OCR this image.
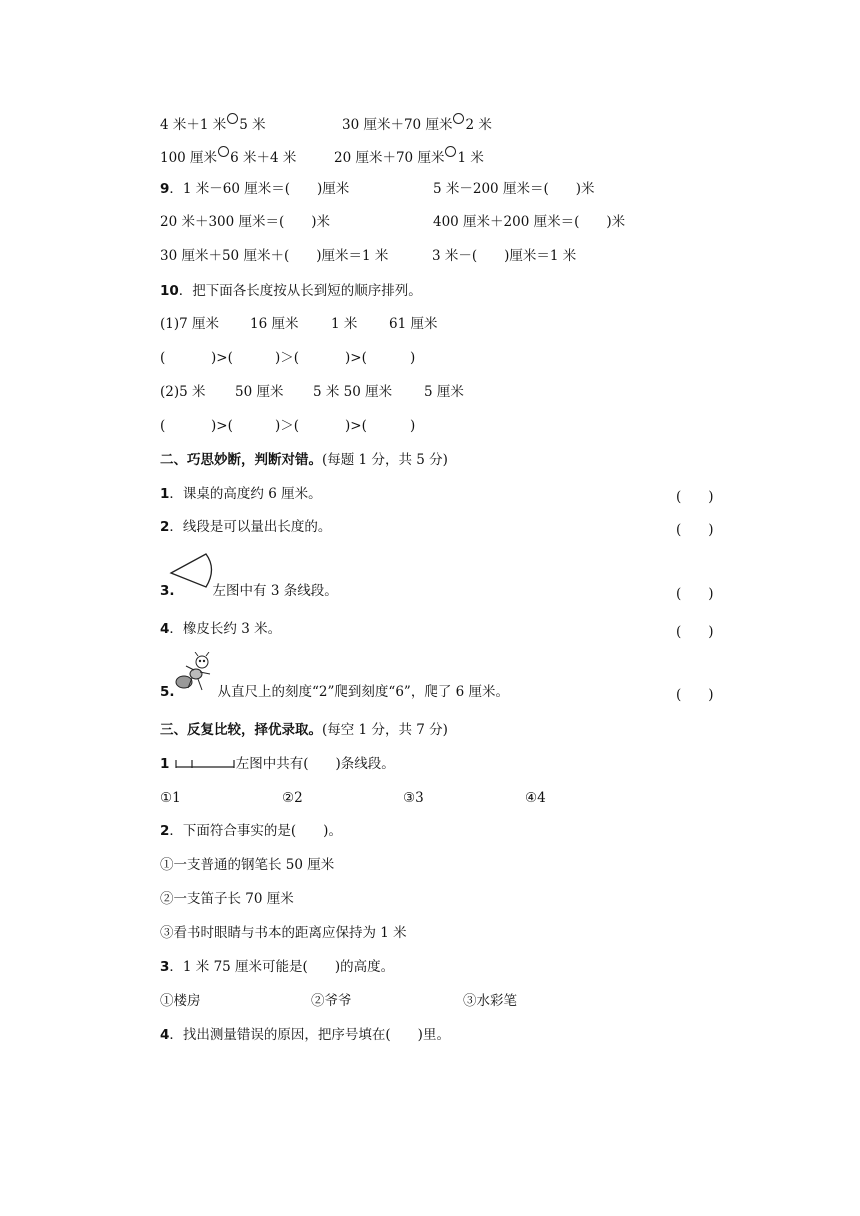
4 米＋1 米 5 米	30 厘米＋70 厘米 2 米
100 厘米 6 米＋4 米	20 厘米＋70 厘米 1 米
9．1 米－60 厘米＝(　　)厘米	5 米－200 厘米＝(　　)米
20 米＋300 厘米＝(　　)米	400 厘米＋200 厘米＝(　　)米
30 厘米＋50 厘米＋(　　)厘米＝1 米	3 米－(　　)厘米＝1 米
10．把下面各长度按从长到短的顺序排列。
(1)7 厘米 16 厘米 1 米 61 厘米
(	)>(	)＞(	)>(	)
(2)5 米 50 厘米 5 米 50 厘米 5 厘米
(	)>(	)＞(	)>(	)
二、巧思妙断，判断对错。(每题 1 分，共 5 分)
1．课桌的高度约 6 厘米。	(　　)
2．线段是可以量出长度的。	(　　)
3.	左图中有 3 条线段。	(　　)
4．橡皮长约 3 米。	(　　)
5.	从直尺上的刻度“2”爬到刻度“6”，爬了 6 厘米。	(　　)
三、反复比较，择优录取。(每空 1 分，共 7 分)
1	左图中共有(　　)条线段。
①1	②2	③3	④4
2．下面符合事实的是(　　)。
①一支普通的钢笔长 50 厘米
②一支笛子长 70 厘米
③看书时眼睛与书本的距离应保持为 1 米
3．1 米 75 厘米可能是(　　)的高度。
①楼房	②爷爷	③水彩笔
4．找出测量错误的原因，把序号填在(　　)里。
